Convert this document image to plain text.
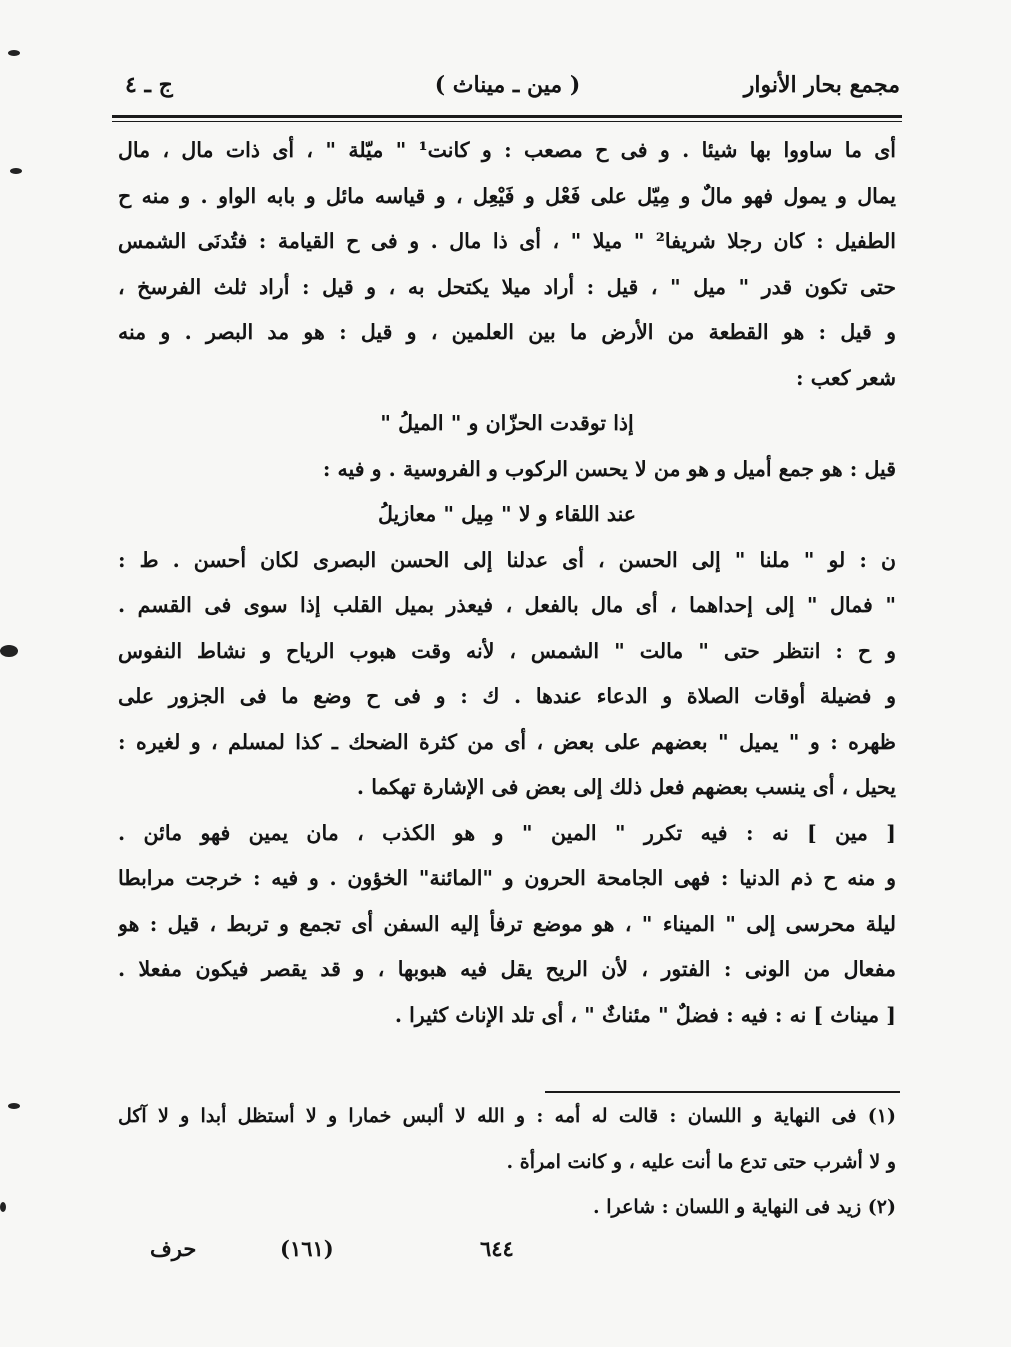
مجمع بحار الأنوار
( مين ـ ميناث )
ج ـ ٤
أى ما ساووا بها شيئا . و فى ح مصعب : و كانت¹ " ميّلة " ، أى ذات مال ، مال
يمال و يمول فهو مالٌ و مِيّل على فَعْل و فَيْعِل ، و قياسه مائل و بابه الواو . و منه ح
الطفيل : كان رجلا شريفا² " ميلا " ، أى ذا مال . و فى ح القيامة : فتُدنَى الشمس
حتى تكون قدر " ميل " ، قيل : أراد ميلا يكتحل به ، و قيل : أراد ثلث الفرسخ ،
و قيل : هو القطعة من الأرض ما بين العلمين ، و قيل : هو مد البصر . و منه
شعر كعب :
إذا توقدت الحزّان و " الميلُ "
قيل : هو جمع أميل و هو من لا يحسن الركوب و الفروسية . و فيه :
عند اللقاء و لا " مِيل " معازيلُ
ن : لو " ملنا " إلى الحسن ، أى عدلنا إلى الحسن البصرى لكان أحسن . ط :
" فمال " إلى إحداهما ، أى مال بالفعل ، فيعذر بميل القلب إذا سوى فى القسم .
و ح : انتظر حتى " مالت " الشمس ، لأنه وقت هبوب الرياح و نشاط النفوس
و فضيلة أوقات الصلاة و الدعاء عندها . ك : و فى ح وضع ما فى الجزور على
ظهره : و " يميل " بعضهم على بعض ، أى من كثرة الضحك ـ كذا لمسلم ، و لغيره :
يحيل ، أى ينسب بعضهم فعل ذلك إلى بعض فى الإشارة تهكما .
[ مين ] نه : فيه تكرر " المين " و هو الكذب ، مان يمين فهو مائن .
و منه ح ذم الدنيا : فهى الجامحة الحرون و "المائنة" الخؤون . و فيه : خرجت مرابطا
ليلة محرسى إلى " الميناء " ، هو موضع ترفأ إليه السفن أى تجمع و تربط ، قيل : هو
مفعال من الونى : الفتور ، لأن الريح يقل فيه هبوبها ، و قد يقصر فيكون مفعلا .
[ ميناث ] نه : فيه : فضلٌ " مئناثٌ " ، أى تلد الإناث كثيرا .
(١) فى النهاية و اللسان : قالت له أمه : و الله لا ألبس خمارا و لا أستظل أبدا و لا آكل
و لا أشرب حتى تدع ما أنت عليه ، و كانت امرأة .
(٢) زيد فى النهاية و اللسان : شاعرا .
حرف	(١٦١)	٦٤٤
